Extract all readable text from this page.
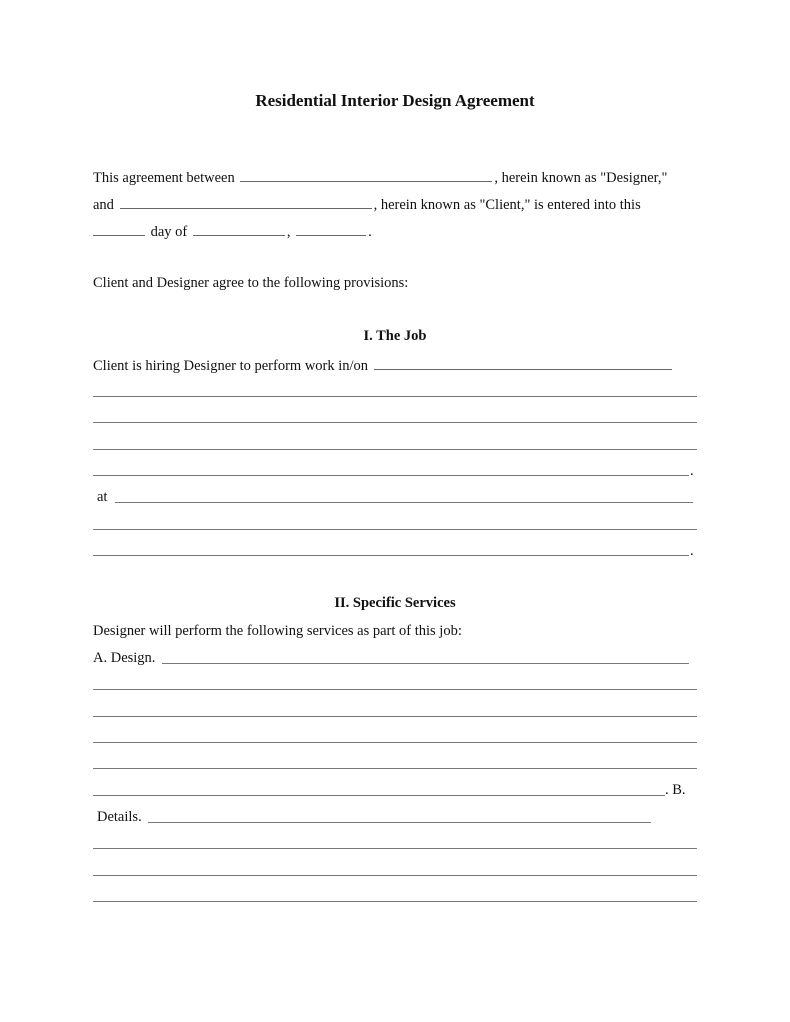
Residential Interior Design Agreement
This agreement between	, herein known as "Designer,"
and	, herein known as "Client," is entered into this
day of	,	.
Client and Designer agree to the following provisions:
I. The Job
Client is hiring Designer to perform work in/on
.
at
.
II. Specific Services
Designer will perform the following services as part of this job:
A. Design.
. B.
Details.
